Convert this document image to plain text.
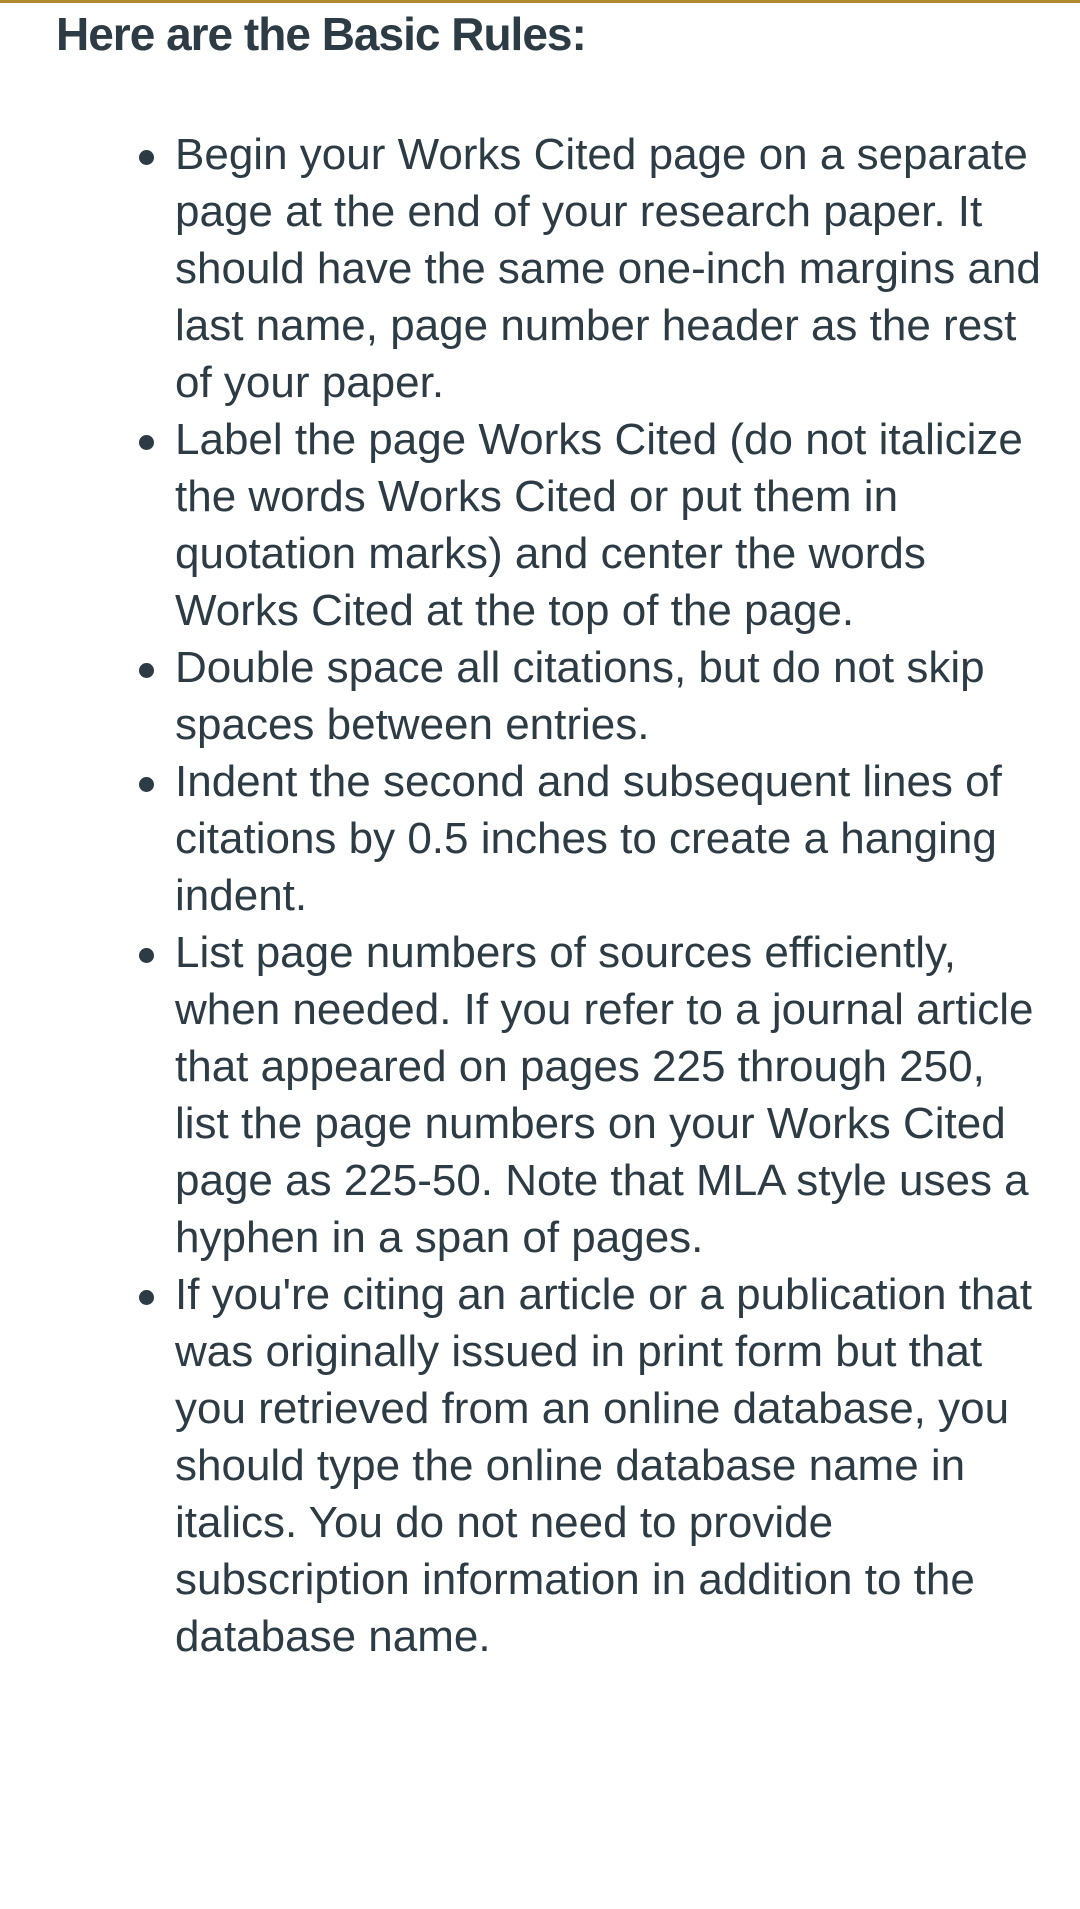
Here are the Basic Rules:
Begin your Works Cited page on a separate page at the end of your research paper. It should have the same one-inch margins and last name, page number header as the rest of your paper.
Label the page Works Cited (do not italicize the words Works Cited or put them in quotation marks) and center the words Works Cited at the top of the page.
Double space all citations, but do not skip spaces between entries.
Indent the second and subsequent lines of citations by 0.5 inches to create a hanging indent.
List page numbers of sources efficiently, when needed. If you refer to a journal article that appeared on pages 225 through 250, list the page numbers on your Works Cited page as 225-50. Note that MLA style uses a hyphen in a span of pages.
If you're citing an article or a publication that was originally issued in print form but that you retrieved from an online database, you should type the online database name in italics. You do not need to provide subscription information in addition to the database name.
